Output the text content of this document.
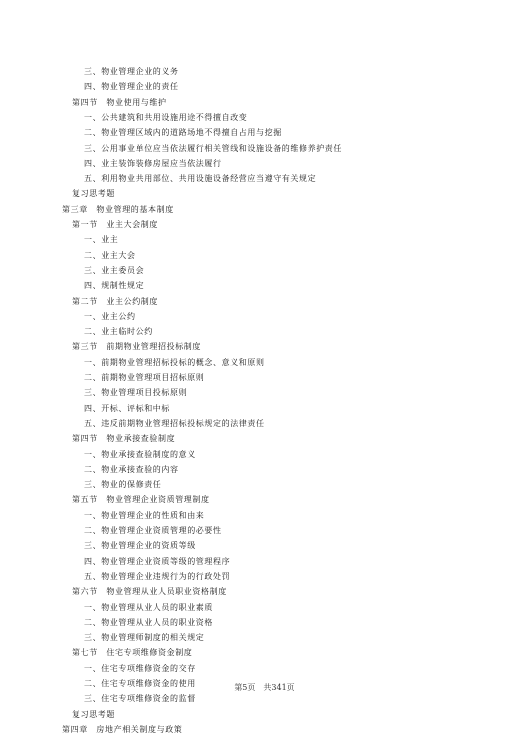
三、物业管理企业的义务
四、物业管理企业的责任
第四节　物业使用与维护
一、公共建筑和共用设施用途不得擅自改变
二、物业管理区域内的道路场地不得擅自占用与挖掘
三、公用事业单位应当依法履行相关管线和设施设备的维修养护责任
四、业主装饰装修房屋应当依法履行
五、利用物业共用部位、共用设施设备经营应当遵守有关规定
复习思考题
第三章　物业管理的基本制度
第一节　业主大会制度
一、业主
二、业主大会
三、业主委员会
四、规制性规定
第二节　业主公约制度
一、业主公约
二、业主临时公约
第三节　前期物业管理招投标制度
一、前期物业管理招标投标的概念、意义和原则
二、前期物业管理项目招标原则
三、物业管理项目投标原则
四、开标、评标和中标
五、违反前期物业管理招标投标规定的法律责任
第四节　物业承接查验制度
一、物业承接查验制度的意义
二、物业承接查验的内容
三、物业的保修责任
第五节　物业管理企业资质管理制度
一、物业管理企业的性质和由来
二、物业管理企业资质管理的必要性
三、物业管理企业的资质等级
四、物业管理企业资质等级的管理程序
五、物业管理企业违规行为的行政处罚
第六节　物业管理从业人员职业资格制度
一、物业管理从业人员的职业素质
二、物业管理从业人员的职业资格
三、物业管理师制度的相关规定
第七节　住宅专项维修资金制度
一、住宅专项维修资金的交存
二、住宅专项维修资金的使用
三、住宅专项维修资金的监督
复习思考题
第四章　房地产相关制度与政策
第5页 共341页
